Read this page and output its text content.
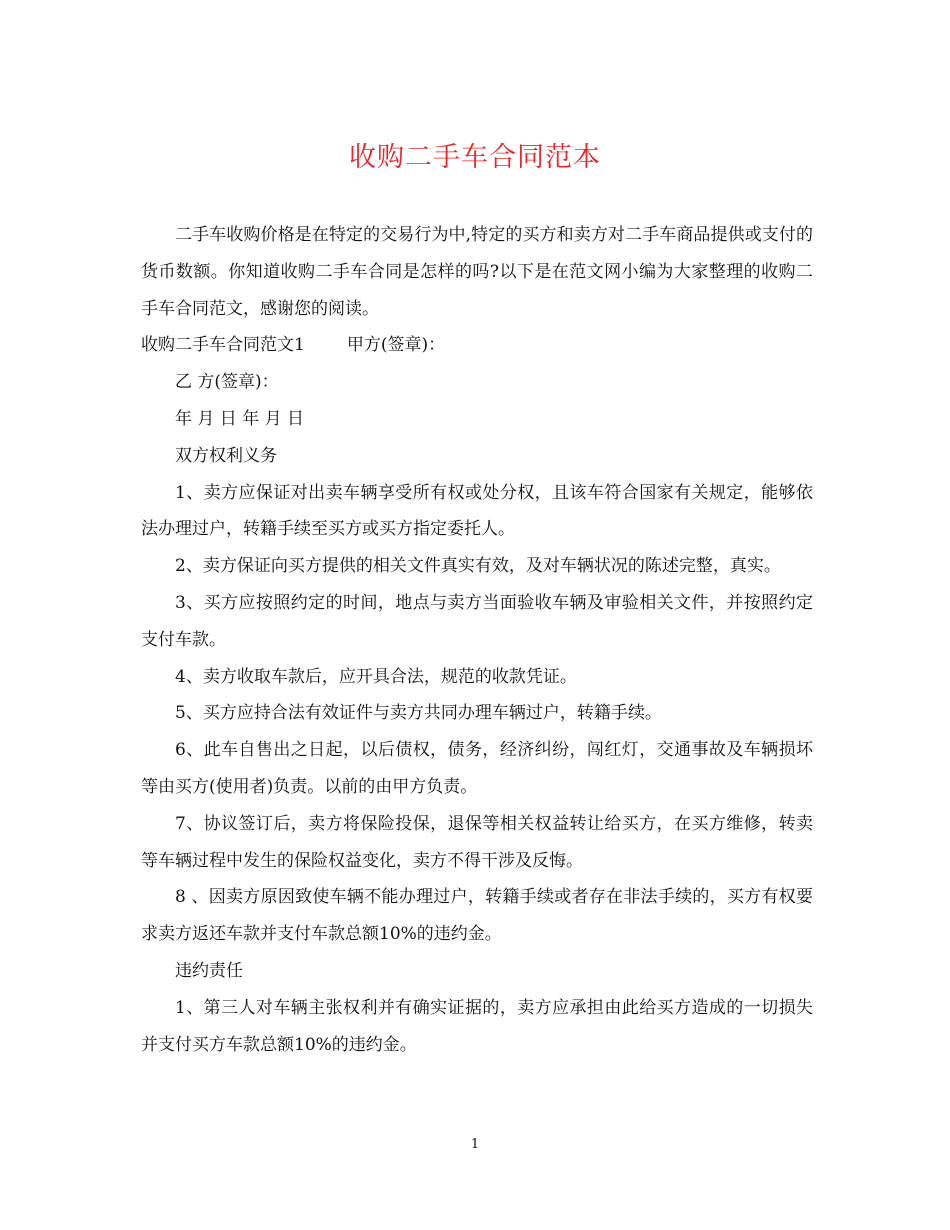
收购二手车合同范本

二手车收购价格是在特定的交易行为中,特定的买方和卖方对二手车商品提供或支付的货币数额。你知道收购二手车合同是怎样的吗?以下是在范文网小编为大家整理的收购二手车合同范文，感谢您的阅读。

收购二手车合同范文1 甲方(签章)：

乙 方(签章)：

年 月 日 年 月 日

双方权利义务

1、卖方应保证对出卖车辆享受所有权或处分权，且该车符合国家有关规定，能够依法办理过户，转籍手续至买方或买方指定委托人。

2、卖方保证向买方提供的相关文件真实有效，及对车辆状况的陈述完整，真实。

3、买方应按照约定的时间，地点与卖方当面验收车辆及审验相关文件，并按照约定支付车款。

4、卖方收取车款后，应开具合法，规范的收款凭证。

5、买方应持合法有效证件与卖方共同办理车辆过户，转籍手续。

6、此车自售出之日起，以后债权，债务，经济纠纷，闯红灯，交通事故及车辆损坏等由买方(使用者)负责。以前的由甲方负责。

7、协议签订后，卖方将保险投保，退保等相关权益转让给买方，在买方维修，转卖等车辆过程中发生的保险权益变化，卖方不得干涉及反悔。

8 、因卖方原因致使车辆不能办理过户，转籍手续或者存在非法手续的，买方有权要求卖方返还车款并支付车款总额10%的违约金。

违约责任

1、第三人对车辆主张权利并有确实证据的，卖方应承担由此给买方造成的一切损失并支付买方车款总额10%的违约金。

1
